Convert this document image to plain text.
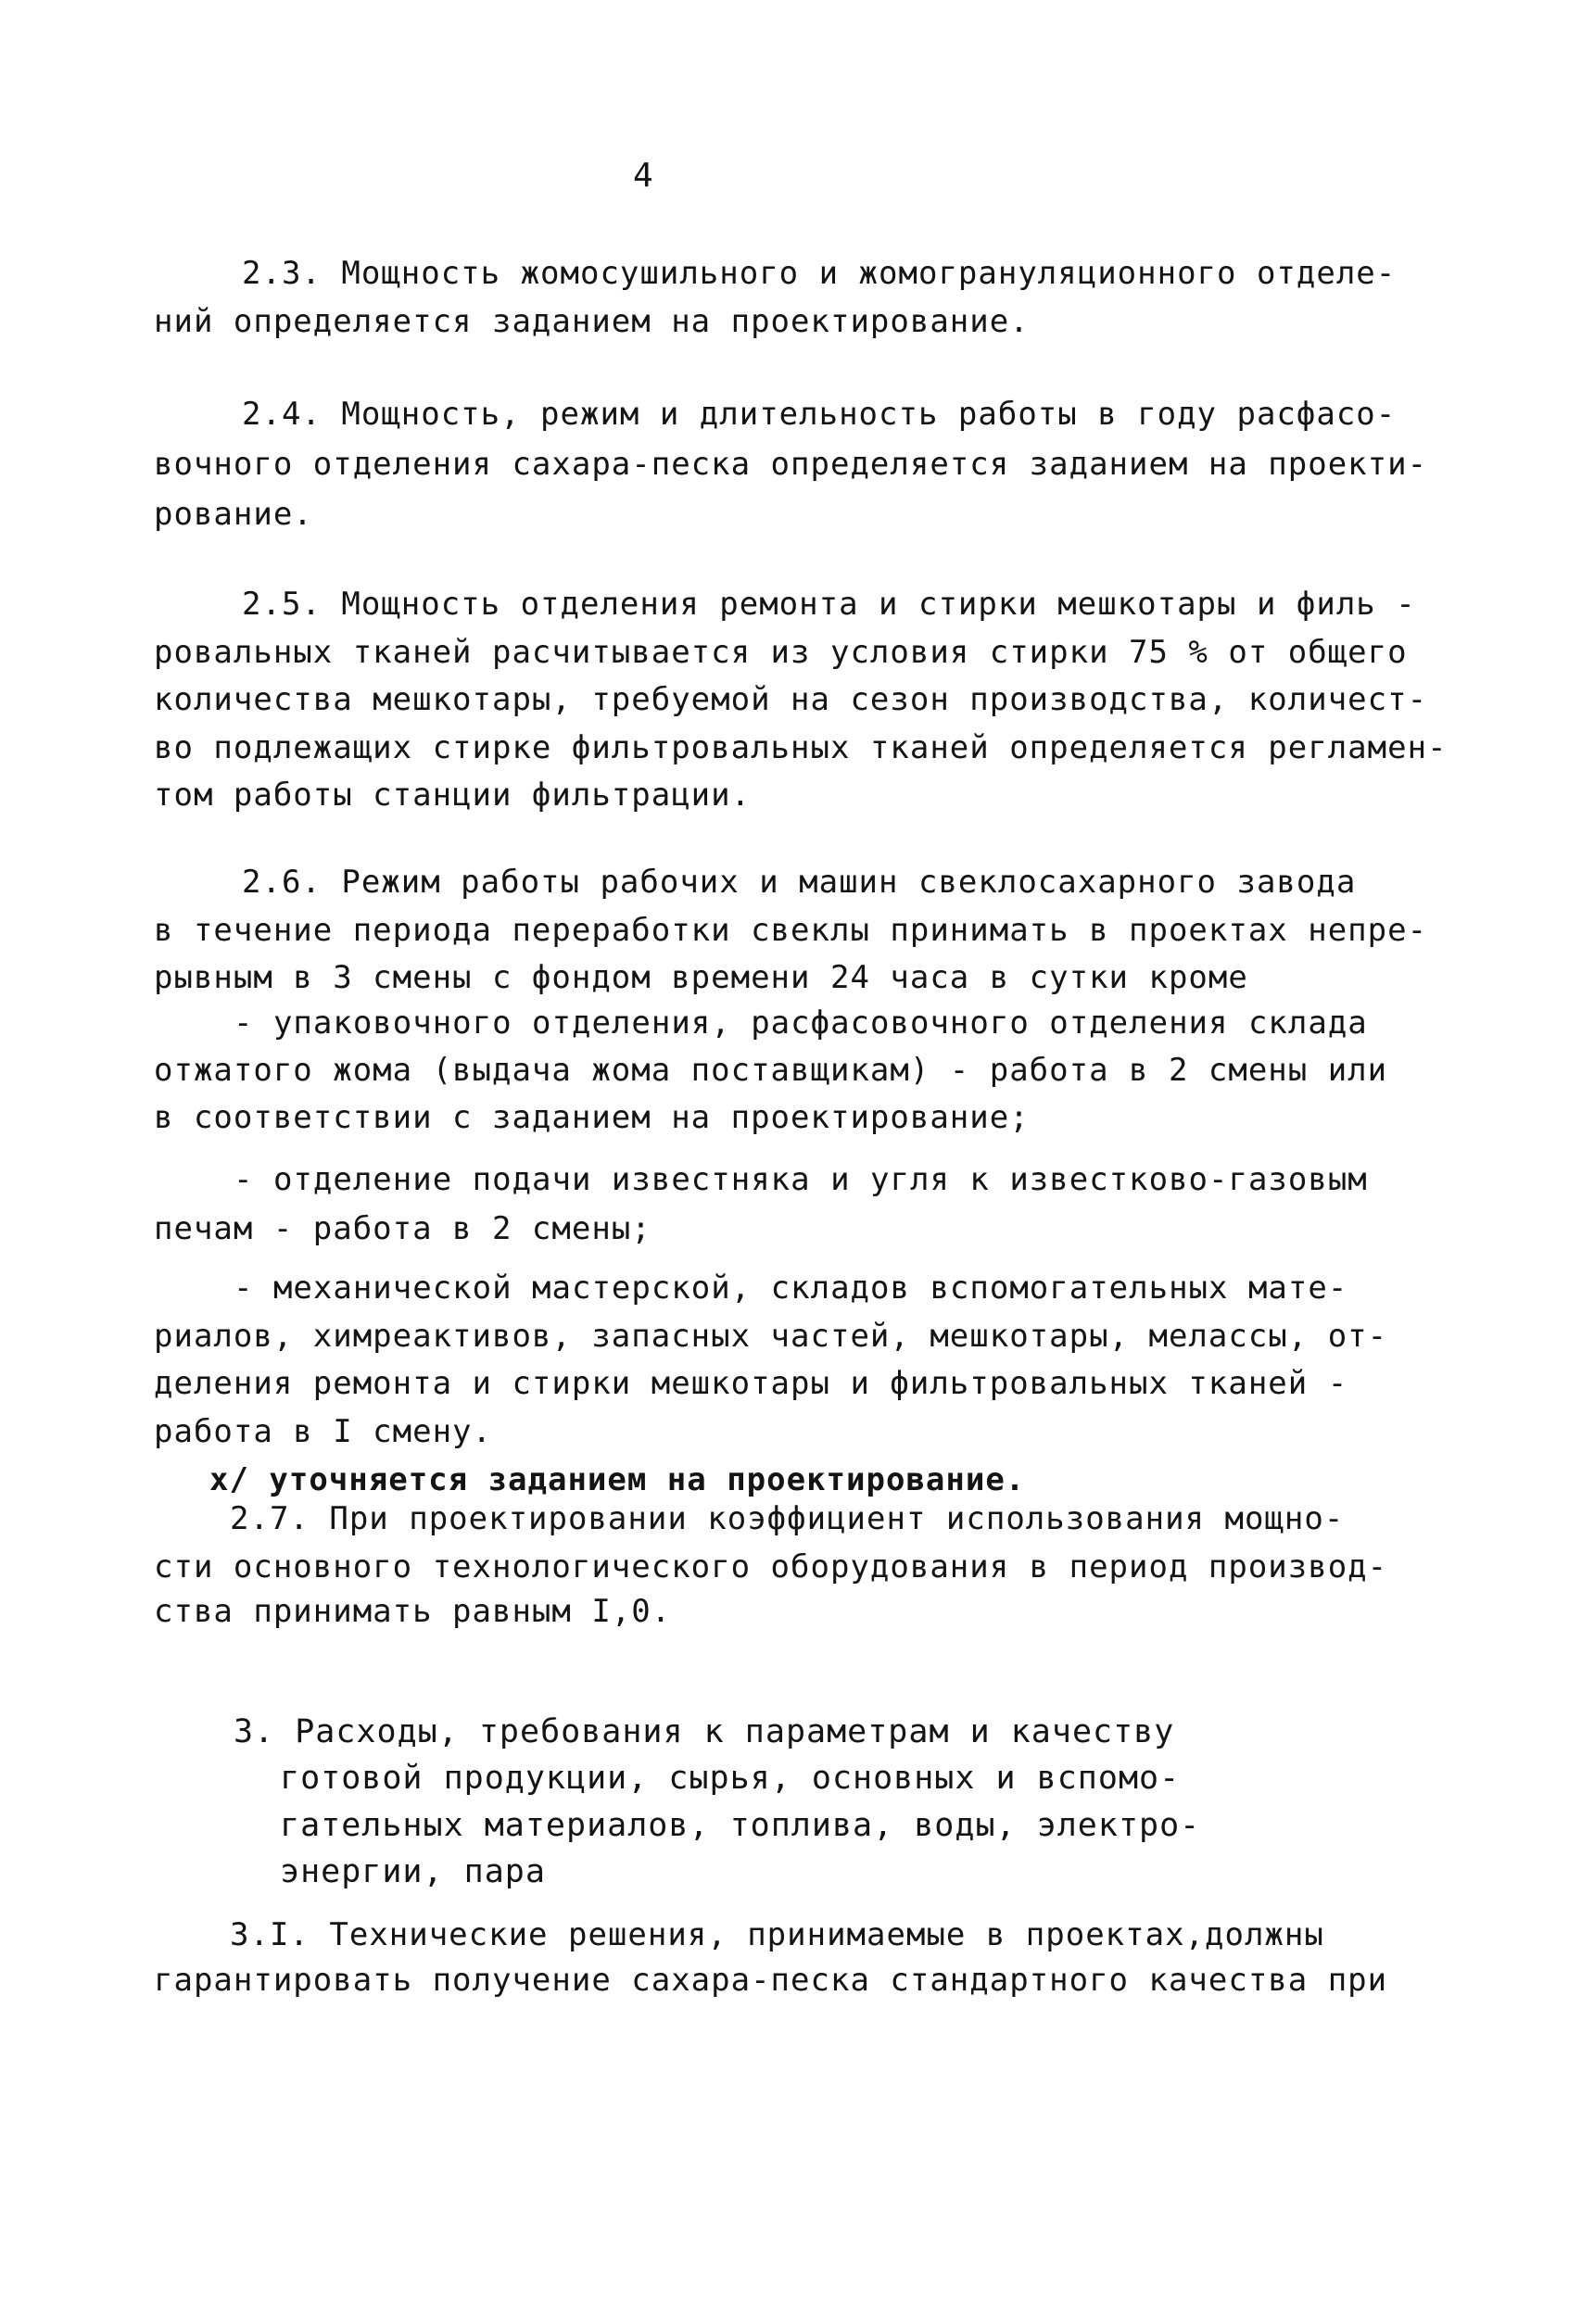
4
2.3. Мощность жомосушильного и жомогрануляционного отделе-
ний определяется заданием на проектирование.
2.4. Мощность, режим и длительность работы в году расфасо-
вочного отделения сахара-песка определяется заданием на проекти-
рование.
2.5. Мощность отделения ремонта и стирки мешкотары и филь -
ровальных тканей расчитывается из условия стирки 75 % от общего
количества мешкотары, требуемой на сезон производства, количест-
во подлежащих стирке фильтровальных тканей определяется регламен-
том работы станции фильтрации.
2.6. Режим работы рабочих и машин свеклосахарного завода
в течение периода переработки свеклы принимать в проектах непре-
рывным в 3 смены с фондом времени 24 часа в сутки кроме
- упаковочного отделения, расфасовочного отделения склада
отжатого жома (выдача жома поставщикам) - работа в 2 смены или
в соответствии с заданием на проектирование;
- отделение подачи известняка и угля к известково-газовым
печам - работа в 2 смены;
- механической мастерской, складов вспомогательных мате-
риалов, химреактивов, запасных частей, мешкотары, мелассы, от-
деления ремонта и стирки мешкотары и фильтровальных тканей -
работа в I смену.
х/ уточняется заданием на проектирование.
2.7. При проектировании коэффициент использования мощно-
сти основного технологического оборудования в период производ-
ства принимать равным I,0.
3. Расходы, требования к параметрам и качеству
готовой продукции, сырья, основных и вспомо-
гательных материалов, топлива, воды, электро-
энергии, пара
3.I. Технические решения, принимаемые в проектах,должны
гарантировать получение сахара-песка стандартного качества при
